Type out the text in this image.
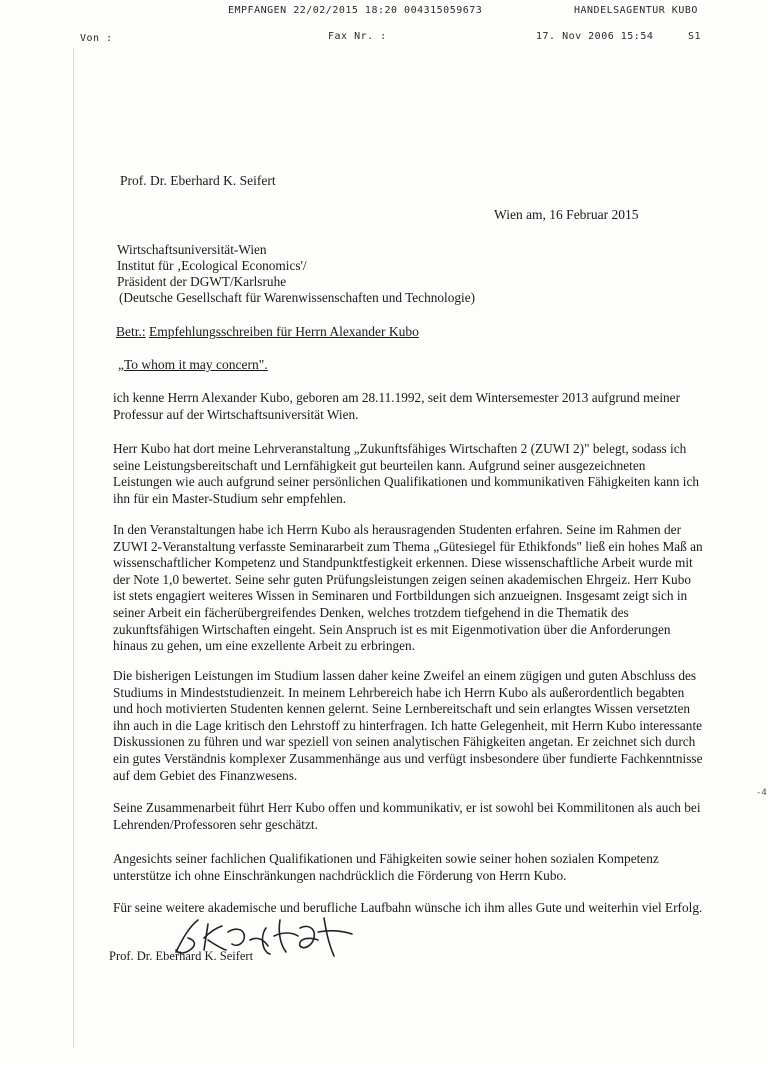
EMPFANGEN 22/02/2015 18:20 004315059673	HANDELSAGENTUR KUBO
Von :	Fax Nr. :	17. Nov 2006 15:54	S1
-4
Prof. Dr. Eberhard K. Seifert
Wien am, 16 Februar 2015
Wirtschaftsuniversität-Wien
Institut für ‚Ecological Economics'/
Präsident der DGWT/Karlsruhe
(Deutsche Gesellschaft für Warenwissenschaften und Technologie)
Betr.: Empfehlungsschreiben für Herrn Alexander Kubo
„To whom it may concern".

ich kenne Herrn Alexander Kubo, geboren am 28.11.1992, seit dem Wintersemester 2013 aufgrund meiner Professur auf der Wirtschaftsuniversität Wien.

Herr Kubo hat dort meine Lehrveranstaltung „Zukunftsfähiges Wirtschaften 2 (ZUWI 2)" belegt, sodass ich seine Leistungsbereitschaft und Lernfähigkeit gut beurteilen kann. Aufgrund seiner ausgezeichneten Leistungen wie auch aufgrund seiner persönlichen Qualifikationen und kommunikativen Fähigkeiten kann ich ihn für ein Master-Studium sehr empfehlen.

In den Veranstaltungen habe ich Herrn Kubo als herausragenden Studenten erfahren. Seine im Rahmen der ZUWI 2-Veranstaltung verfasste Seminararbeit zum Thema „Gütesiegel für Ethikfonds" ließ ein hohes Maß an wissenschaftlicher Kompetenz und Standpunktfestigkeit erkennen. Diese wissenschaftliche Arbeit wurde mit der Note 1,0 bewertet. Seine sehr guten Prüfungsleistungen zeigen seinen akademischen Ehrgeiz. Herr Kubo ist stets engagiert weiteres Wissen in Seminaren und Fortbildungen sich anzueignen. Insgesamt zeigt sich in seiner Arbeit ein fächerübergreifendes Denken, welches trotzdem tiefgehend in die Thematik des zukunftsfähigen Wirtschaften eingeht. Sein Anspruch ist es mit Eigenmotivation über die Anforderungen hinaus zu gehen, um eine exzellente Arbeit zu erbringen.

Die bisherigen Leistungen im Studium lassen daher keine Zweifel an einem zügigen und guten Abschluss des Studiums in Mindeststudienzeit. In meinem Lehrbereich habe ich Herrn Kubo als außerordentlich begabten und hoch motivierten Studenten kennen gelernt. Seine Lernbereitschaft und sein erlangtes Wissen versetzten ihn auch in die Lage kritisch den Lehrstoff zu hinterfragen. Ich hatte Gelegenheit, mit Herrn Kubo interessante Diskussionen zu führen und war speziell von seinen analytischen Fähigkeiten angetan. Er zeichnet sich durch ein gutes Verständnis komplexer Zusammenhänge aus und verfügt insbesondere über fundierte Fachkenntnisse auf dem Gebiet des Finanzwesens.

Seine Zusammenarbeit führt Herr Kubo offen und kommunikativ, er ist sowohl bei Kommilitonen als auch bei Lehrenden/Professoren sehr geschätzt.

Angesichts seiner fachlichen Qualifikationen und Fähigkeiten sowie seiner hohen sozialen Kompetenz unterstütze ich ohne Einschränkungen nachdrücklich die Förderung von Herrn Kubo.

Für seine weitere akademische und berufliche Laufbahn wünsche ich ihm alles Gute und weiterhin viel Erfolg.

Prof. Dr. Eberhard K. Seifert
